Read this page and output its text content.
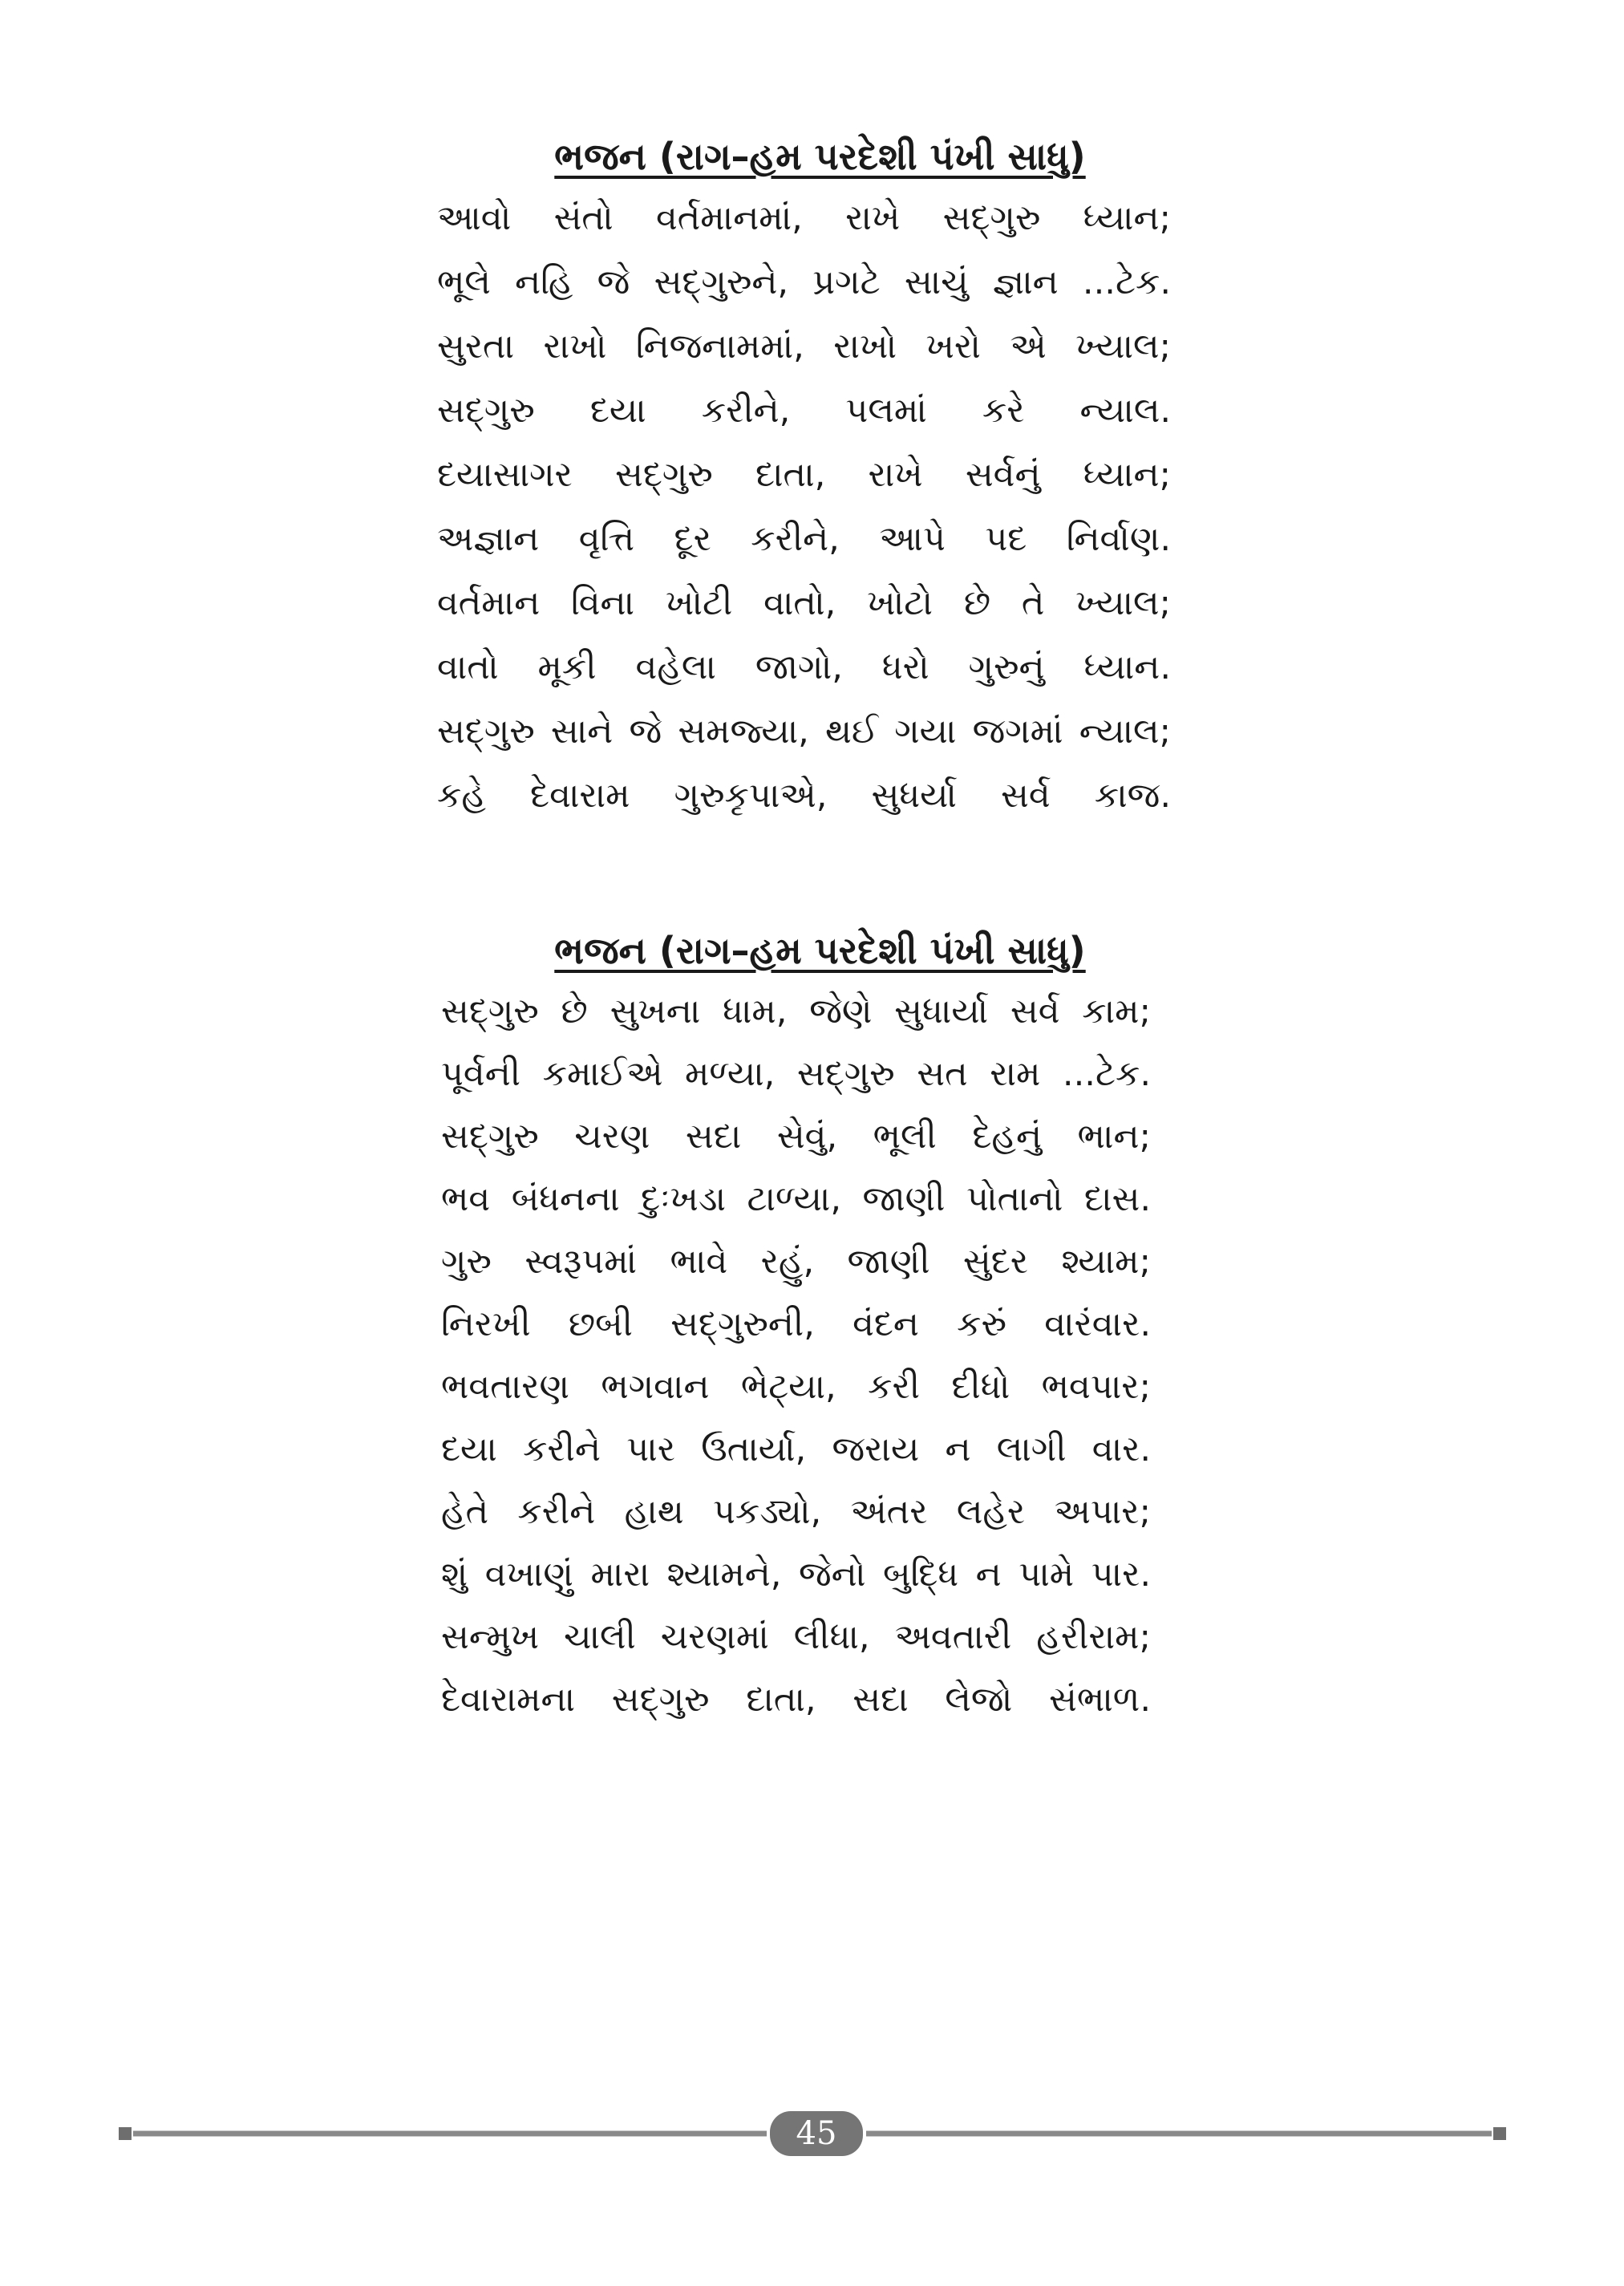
ભજન (રાગ–હમ પરદેશી પંખી સાધુ)
આવો સંતો વર્તમાનમાં, રાખે સદ્‌ગુરુ ધ્યાન;
ભૂલે નહિ જે સદ્‌ગુરુને, પ્રગટે સાચું જ્ઞાન ...ટેક.
સુરતા રાખો નિજનામમાં, રાખો ખરો એ ખ્યાલ;
સદ્‌ગુરુ દયા કરીને, પલમાં કરે ન્યાલ.
દયાસાગર સદ્‌ગુરુ દાતા, રાખે સર્વનું ધ્યાન;
અજ્ઞાન વૃત્તિ દૂર કરીને, આપે પદ નિર્વાણ.
વર્તમાન વિના ખોટી વાતો, ખોટો છે તે ખ્યાલ;
વાતો મૂકી વહેલા જાગો, ધરો ગુરુનું ધ્યાન.
સદ્‌ગુરુ સાને જે સમજ્યા, થઈ ગયા જગમાં ન્યાલ;
કહે દેવારામ ગુરુકૃપાએ, સુધર્યા સર્વ કાજ.
ભજન (રાગ–હમ પરદેશી પંખી સાધુ)
સદ્‌ગુરુ છે સુખના ધામ, જેણે સુધાર્યા સર્વ કામ;
પૂર્વની કમાઈએ મળ્યા, સદ્‌ગુરુ સત રામ ...ટેક.
સદ્‌ગુરુ ચરણ સદા સેવું, ભૂલી દેહનું ભાન;
ભવ બંધનના દુઃખડા ટાળ્યા, જાણી પોતાનો દાસ.
ગુરુ સ્વરૂપમાં ભાવે રહું, જાણી સુંદર શ્યામ;
નિરખી છબી સદ્‌ગુરુની, વંદન કરું વારંવાર.
ભવતારણ ભગવાન ભેટ્યા, કરી દીધો ભવપાર;
દયા કરીને પાર ઉતાર્યા, જરાય ન લાગી વાર.
હેતે કરીને હાથ પકડ્યો, અંતર લહેર અપાર;
શું વખાણું મારા શ્યામને, જેનો બુદ્ધિ ન પામે પાર.
સન્મુખ ચાલી ચરણમાં લીધા, અવતારી હરીરામ;
દેવારામના સદ્‌ગુરુ દાતા, સદા લેજો સંભાળ.
45
